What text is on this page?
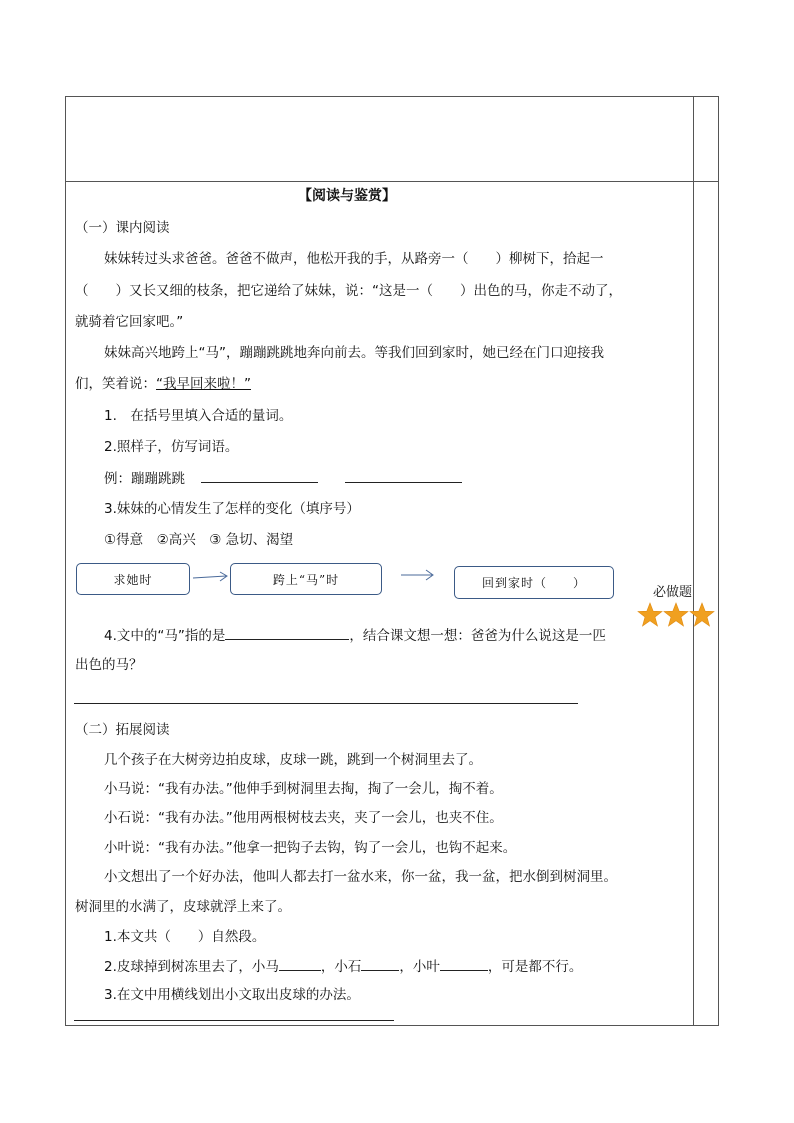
【阅读与鉴赏】
（一）课内阅读
妹妹转过头求爸爸。爸爸不做声，他松开我的手，从路旁一（　　）柳树下，拾起一
（　　）又长又细的枝条，把它递给了妹妹，说：“这是一（　　）出色的马，你走不动了，
就骑着它回家吧。”
妹妹高兴地跨上“马”，蹦蹦跳跳地奔向前去。等我们回到家时，她已经在门口迎接我
们，笑着说：“我早回来啦！”
1.　在括号里填入合适的量词。
2.照样子，仿写词语。
例：蹦蹦跳跳
3.妹妹的心情发生了怎样的变化（填序号）
①得意　②高兴　③ 急切、渴望
求她时	跨上“马”时	回到家时（　　）
4.文中的“马”指的是	，结合课文想一想：爸爸为什么说这是一匹
出色的马？
（二）拓展阅读
几个孩子在大树旁边拍皮球，皮球一跳，跳到一个树洞里去了。
小马说：“我有办法。”他伸手到树洞里去掏，掏了一会儿，掏不着。
小石说：“我有办法。”他用两根树枝去夹，夹了一会儿，也夹不住。
小叶说：“我有办法。”他拿一把钩子去钩，钩了一会儿，也钩不起来。
小文想出了一个好办法，他叫人都去打一盆水来，你一盆，我一盆，把水倒到树洞里。
树洞里的水满了，皮球就浮上来了。
1.本文共（　　）自然段。
2.皮球掉到树冻里去了，小马	，小石	，小叶	，可是都不行。
3.在文中用横线划出小文取出皮球的办法。
必做题
